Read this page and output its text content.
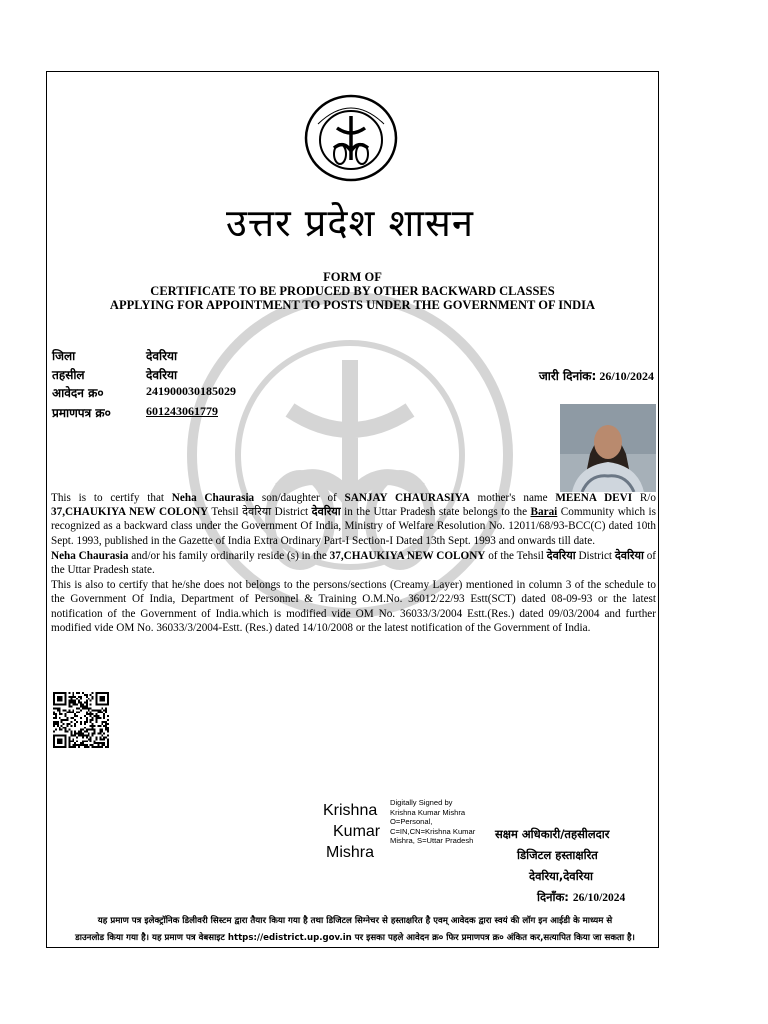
उत्तर प्रदेश शासन
FORM OF
CERTIFICATE TO BE PRODUCED BY OTHER BACKWARD CLASSES
APPLYING FOR APPOINTMENT TO POSTS UNDER THE GOVERNMENT OF INDIA
जिला	देवरिया
तहसील	देवरिया
आवेदन क्र०	241900030185029
प्रमाणपत्र क्र०	601243061779
जारी दिनांक: 26/10/2024

This is to certify that Neha Chaurasia son/daughter of SANJAY CHAURASIYA mother's name MEENA DEVI R/o 37,CHAUKIYA NEW COLONY Tehsil देवरिया District देवरिया in the Uttar Pradesh state belongs to the Barai Community which is recognized as a backward class under the Government Of India, Ministry of Welfare Resolution No. 12011/68/93-BCC(C) dated 10th Sept. 1993, published in the Gazette of India Extra Ordinary Part-I Section-I Dated 13th Sept. 1993 and onwards till date.

Neha Chaurasia and/or his family ordinarily reside (s) in the 37,CHAUKIYA NEW COLONY of the Tehsil देवरिया District देवरिया of the Uttar Pradesh state.

This is also to certify that he/she does not belongs to the persons/sections (Creamy Layer) mentioned in column 3 of the schedule to the Government Of India, Department of Personnel & Training O.M.No. 36012/22/93 Estt(SCT) dated 08-09-93 or the latest notification of the Government of India.which is modified vide OM No. 36033/3/2004 Estt.(Res.) dated 09/03/2004 and further modified vide OM No. 36033/3/2004-Estt. (Res.) dated 14/10/2008 or the latest notification of the Government of India.

Krishna
Kumar
Mishra
Digitally Signed by
Krishna Kumar Mishra
O=Personal,
C=IN,CN=Krishna Kumar
Mishra, S=Uttar Pradesh सक्षम अधिकारी/तहसीलदार
डिजिटल हस्ताक्षरित
देवरिया,देवरिया
दिनाँक: 26/10/2024
यह प्रमाण पत्र इलेक्ट्रॉनिक डिलीवरी सिस्टम द्वारा तैयार किया गया है तथा डिजिटल सिग्नेचर से हस्ताक्षरित है एवम् आवेदक द्वारा स्वयं की लॉग इन आईडी के माध्यम से
डाउनलोड किया गया है। यह प्रमाण पत्र वेबसाइट https://edistrict.up.gov.in पर इसका पहले आवेदन क्र० फिर प्रमाणपत्र क्र० अंकित कर,सत्यापित किया जा सकता है।
